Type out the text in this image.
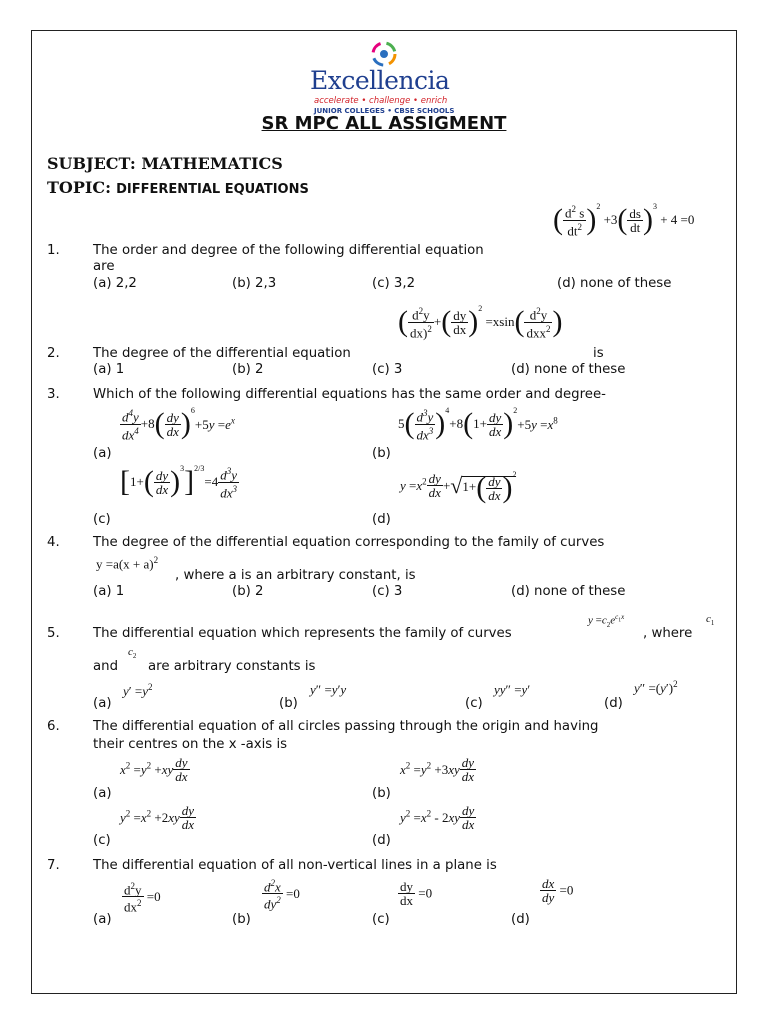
Excellencia
accelerate • challenge • enrich
JUNIOR COLLEGES • CBSE SCHOOLS
SR MPC ALL ASSIGMENT
SUBJECT: MATHEMATICS
TOPIC: DIFFERENTIAL EQUATIONS
( $\frac{d^2 s}{dt^2} )^2 +3( \frac{ds}{dt} )^3 + 4 =0$
1.	The order and degree of the following differential equation
are
(a) 2,2	(b) 2,3	(c) 3,2	(d) none of these
( $\frac{d^2y}{dx)^2}$ +( $\frac{dy}{dx} )^2 =xsin( \frac{d^2y}{dxx^2}$ )
2.	The degree of the differential equation	is
(a) 1	(b) 2	(c) 3	(d) none of these
3.	Which of the following differential equations has the same order and degree-
$\frac{d^4y}{dx^4} +8( \frac{dy}{dx} )^6+5y =e^x$
(a)
$5( \frac{d^3y}{dx^3} )^4+8(1+ \frac{dy}{dx} )^2+5y =x^8$
(b)
$[1+( \frac{dy}{dx} )^3]^{2/3}=4 \frac{d^3y}{dx^3}$
(c)
$y =x^2 \frac{dy}{dx} +√1+( \frac{dy}{dx} )^2$
(d)
4.	The degree of the differential equation corresponding to the family of curves
$y =a(x + a)^2$
, where a is an arbitrary constant, is
(a) 1	(b) 2	(c) 3	(d) none of these
5.	The differential equation which represents the family of curves
$y =c_2e^{c_1x}$
, where
$c_1$
and
$c_2$
are arbitrary constants is
$y' =y^2$
(a)
y″ =y′y
(b)
yy″ =y′
(c)
$y'' =(y')^2$
(d)
6.	The differential equation of all circles passing through the origin and having
their centres on the x -axis is
$x^2 =y^2 +xy \frac{dy}{dx}$
(a)
$x^2 =y^2 +3xy \frac{dy}{dx}$
(b)
$y^2 =x^2 +2xy \frac{dy}{dx}$
(c)
$y^2 =x^2 - 2xy \frac{dy}{dx}$
(d)
7.	The differential equation of all non-vertical lines in a plane is
$\frac{d^2y}{dx^2} =0$
(a)
$\frac{d^2x}{dy^2} =0$
(b)
$\frac{dy}{dx} =0$
(c)
$\frac{dx}{dy} =0$
(d)
